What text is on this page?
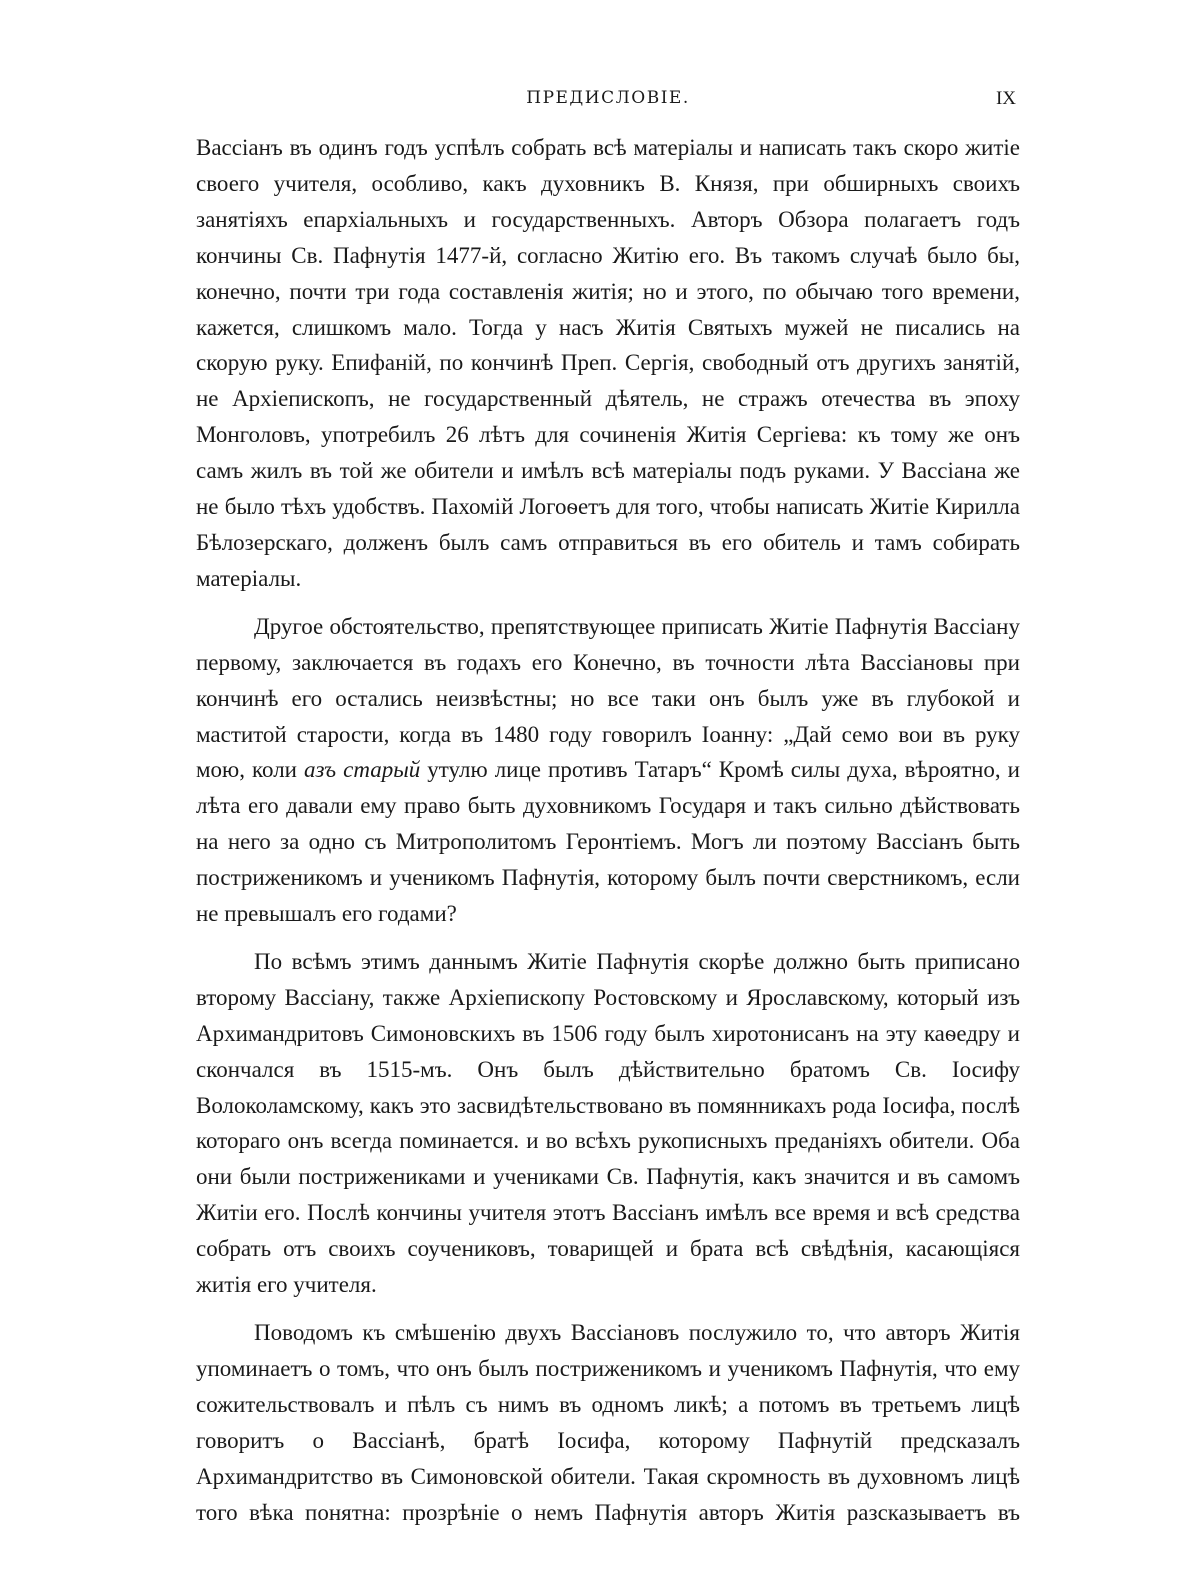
ПРЕДИСЛОВІЕ.	IX

Вассіанъ въ одинъ годъ успѣлъ собрать всѣ матеріалы и написать такъ скоро житіе своего учителя, особливо, какъ духовникъ В. Князя, при обширныхъ своихъ занятіяхъ епархіальныхъ и государственныхъ. Авторъ Обзора полагаетъ годъ кончины Св. Пафнутія 1477-й, согласно Житію его. Въ такомъ случаѣ было бы, конечно, почти три года составленія житія; но и этого, по обычаю того времени, кажется, слишкомъ мало. Тогда у насъ Житія Святыхъ мужей не писались на скорую руку. Епифаній, по кончинѣ Преп. Сергія, свободный отъ другихъ занятій, не Архіепископъ, не государственный дѣятель, не стражъ отечества въ эпоху Монголовъ, употребилъ 26 лѣтъ для сочиненія Житія Сергіева: къ тому же онъ самъ жилъ въ той же обители и имѣлъ всѣ матеріалы подъ руками. У Вассіана же не было тѣхъ удобствъ. Пахомій Логоѳетъ для того, чтобы написать Житіе Кирилла Бѣлозерскаго, долженъ былъ самъ отправиться въ его обитель и тамъ собирать матеріалы.

Другое обстоятельство, препятствующее приписать Житіе Пафнутія Вассіану первому, заключается въ годахъ его Конечно, въ точности лѣта Вассіановы при кончинѣ его остались неизвѣстны; но все таки онъ былъ уже въ глубокой и маститой старости, когда въ 1480 году говорилъ Іоанну: „Дай семо вои въ руку мою, коли азъ старый утулю лице противъ Татаръ“ Кромѣ силы духа, вѣроятно, и лѣта его давали ему право быть духовникомъ Государя и такъ сильно дѣйствовать на него за одно съ Митрополитомъ Геронтіемъ. Могъ ли поэтому Вассіанъ быть постриженикомъ и ученикомъ Пафнутія, которому былъ почти сверстникомъ, если не превышалъ его годами?

По всѣмъ этимъ даннымъ Житіе Пафнутія скорѣе должно быть приписано второму Вассіану, также Архіепископу Ростовскому и Ярославскому, который изъ Архимандритовъ Симоновскихъ въ 1506 году былъ хиротонисанъ на эту каѳедру и скончался въ 1515-мъ. Онъ былъ дѣйствительно братомъ Св. Іосифу Волоколамскому, какъ это засвидѣтельствовано въ помянникахъ рода Іосифа, послѣ котораго онъ всегда поминается. и во всѣхъ рукописныхъ преданіяхъ обители. Оба они были пострижениками и учениками Св. Пафнутія, какъ значится и въ самомъ Житіи его. Послѣ кончины учителя этотъ Вассіанъ имѣлъ все время и всѣ средства собрать отъ своихъ соучениковъ, товарищей и брата всѣ свѣдѣнія, касающіяся житія его учителя.

Поводомъ къ смѣшенію двухъ Вассіановъ послужило то, что авторъ Житія упоминаетъ о томъ, что онъ былъ постриженикомъ и ученикомъ Пафнутія, что ему сожительствовалъ и пѣлъ съ нимъ въ одномъ ликѣ; а потомъ въ третьемъ лицѣ говоритъ о Вассіанѣ, братѣ Іосифа, которому Пафнутій предсказалъ Архимандритство въ Симоновской обители. Такая скромность въ духовномъ лицѣ того вѣка понятна: прозрѣніе о немъ Пафнутія авторъ Житія разсказываетъ въ
